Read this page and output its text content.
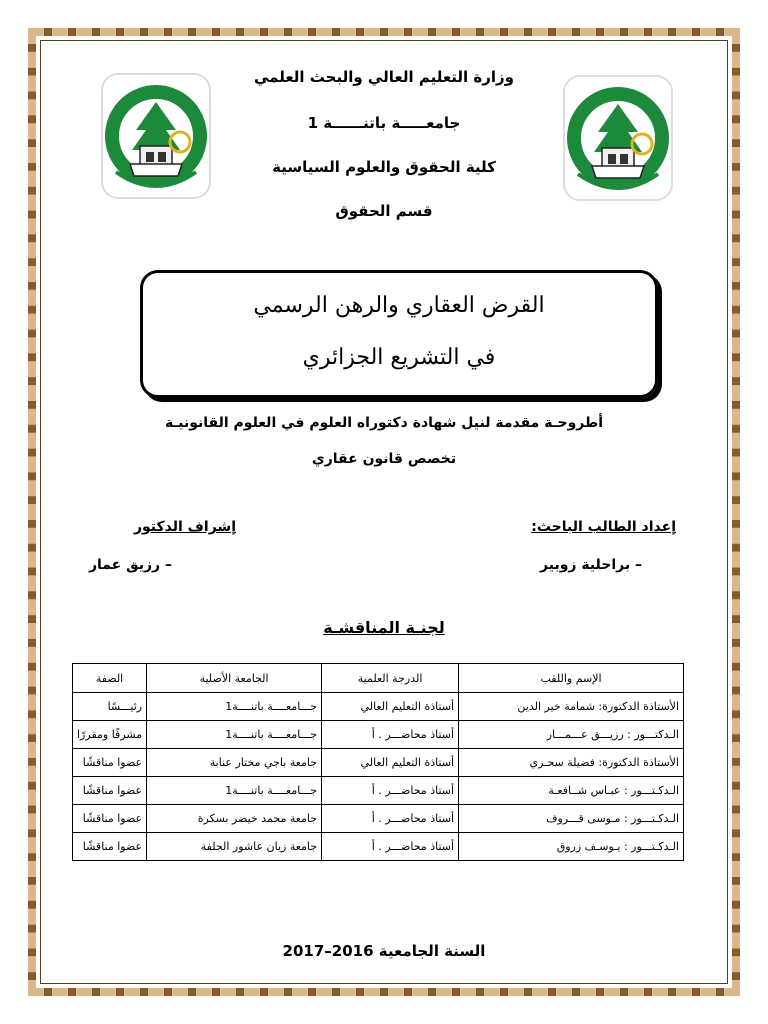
وزارة التعليم العالي والبحث العلمي
جامعـــــة باتنــــــة 1
كلية الحقوق والعلوم السياسية
قسم الحقوق
القرض العقاري والرهن الرسمي
في التشريع الجزائري
أطروحـة مقدمة لنيل شهادة دكتوراه العلوم في العلوم القانونيـة
تخصص قانون عقاري
إعداد الطالب الباحث:
– براحلية زوبير
إشراف الدكتور
– رزيق عمار
لجنـة المناقشـة
الإسم واللقب	الدرجة العلمية	الجامعة الأصلية	الصفة
الأستاذة الدكتورة: شمامة خير الدين	أستاذة التعليم العالي	جـــامعــــة باتنــــة1	رئيـــسًا
الـدكتـــور : رزيـــق عـــمـــار	أستاذ محاضـــر . أ	جـــامعــــة باتنــــة1	مشرفًا ومقررًا
الأستاذة الدكتورة: فضيلة سحـري	أستاذة التعليم العالي	جامعة باجي مختار عنابة	عضوا مناقشًا
الـدكـتـــور : عبـاس شــافعـة	أستاذ محاضـــر . أ	جـــامعــــة باتنــــة1	عضوا مناقشًا
الـدكـتـــور : مـوسى قـــروف	أستاذ محاضـــر . أ	جامعة محمد خيضر بسكرة	عضوا مناقشًا
الـدكـتـــور : يـوسـف زروق	أستاذ محاضـــر . أ	جامعة زيان عاشور الجلفة	عضوا مناقشًا
السنة الجامعية 2016–2017
